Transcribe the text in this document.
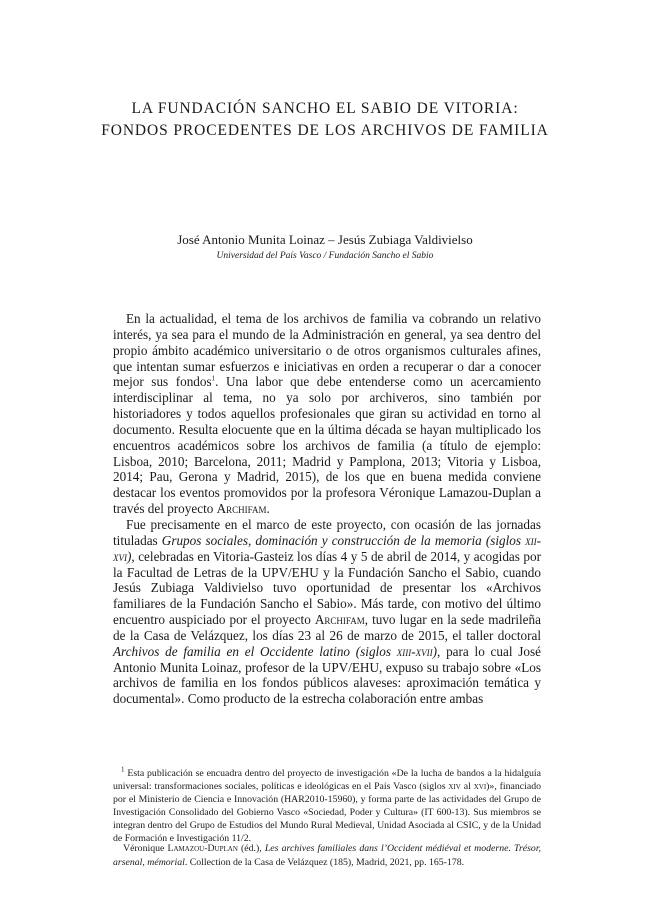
LA FUNDACIÓN SANCHO EL SABIO DE VITORIA:
FONDOS PROCEDENTES DE LOS ARCHIVOS DE FAMILIA
José Antonio Munita Loinaz – Jesús Zubiaga Valdivielso
Universidad del País Vasco / Fundación Sancho el Sabio

En la actualidad, el tema de los archivos de familia va cobrando un relativo interés, ya sea para el mundo de la Administración en general, ya sea dentro del propio ámbito académico universitario o de otros organismos culturales afines, que intentan sumar esfuerzos e iniciativas en orden a recuperar o dar a conocer mejor sus fondos$^1$. Una labor que debe entenderse como un acercamiento interdisciplinar al tema, no ya solo por archiveros, sino también por historiadores y todos aquellos profesionales que giran su actividad en torno al documento. Resulta elocuente que en la última década se hayan multiplicado los encuentros académicos sobre los archivos de familia (a título de ejemplo: Lisboa, 2010; Barcelona, 2011; Madrid y Pamplona, 2013; Vitoria y Lisboa, 2014; Pau, Gerona y Madrid, 2015), de los que en buena medida conviene destacar los eventos promovidos por la profesora Véronique Lamazou-Duplan a través del proyecto Archifam.

Fue precisamente en el marco de este proyecto, con ocasión de las jornadas tituladas Grupos sociales, dominación y construcción de la memoria (siglos xii-xvi), celebradas en Vitoria-Gasteiz los días 4 y 5 de abril de 2014, y acogidas por la Facultad de Letras de la UPV/EHU y la Fundación Sancho el Sabio, cuando Jesús Zubiaga Valdivielso tuvo oportunidad de presentar los «Archivos familiares de la Fundación Sancho el Sabio». Más tarde, con motivo del último encuentro auspiciado por el proyecto Archifam, tuvo lugar en la sede madrileña de la Casa de Velázquez, los días 23 al 26 de marzo de 2015, el taller doctoral Archivos de familia en el Occidente latino (siglos xiii-xvii), para lo cual José Antonio Munita Loinaz, profesor de la UPV/EHU, expuso su trabajo sobre «Los archivos de familia en los fondos públicos alaveses: aproximación temática y documental». Como producto de la estrecha colaboración entre ambas

$^1$ Esta publicación se encuadra dentro del proyecto de investigación «De la lucha de bandos a la hidalguía universal: transformaciones sociales, políticas e ideológicas en el País Vasco (siglos xiv al xvi)», financiado por el Ministerio de Ciencia e Innovación (HAR2010-15960), y forma parte de las actividades del Grupo de Investigación Consolidado del Gobierno Vasco «Sociedad, Poder y Cultura» (IT 600-13). Sus miembros se integran dentro del Grupo de Estudios del Mundo Rural Medieval, Unidad Asociada al CSIC, y de la Unidad de Formación e Investigación 11/2.

Véronique Lamazou-Duplan (éd.), Les archives familiales dans l’Occident médiéval et moderne. Trésor, arsenal, mémorial. Collection de la Casa de Velázquez (185), Madrid, 2021, pp. 165-178.
